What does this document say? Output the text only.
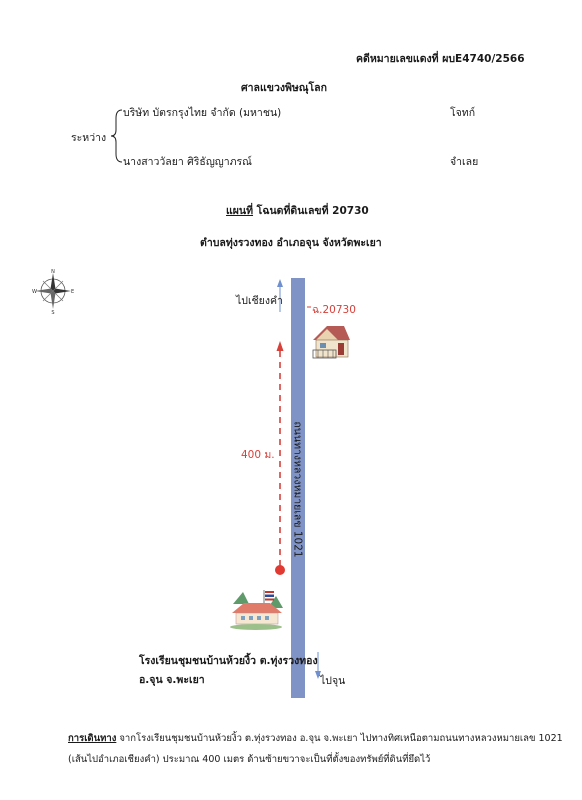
คดีหมายเลขแดงที่ ผบE4740/2566
ศาลแขวงพิษณุโลก
ระหว่าง
บริษัท บัตรกรุงไทย จำกัด (มหาชน)	โจทก์
นางสาววัลยา ศิริธัญญาภรณ์	จำเลย
แผนที่ โฉนดที่ดินเลขที่ 20730
ตำบลทุ่งรวงทอง อำเภอจุน จังหวัดพะเยา
N
S
W	E
ถนนทางหลวงหมายเลข 1021
ไปเชียงคำ
ฉ.20730
400 ม.
โรงเรียนชุมชนบ้านห้วยงิ้ว ต.ทุ่งรวงทอง
อ.จุน จ.พะเยา	ไปจุน
การเดินทาง จากโรงเรียนชุมชนบ้านห้วยงิ้ว ต.ทุ่งรวงทอง อ.จุน จ.พะเยา ไปทางทิศเหนือตามถนนทางหลวงหมายเลข 1021
(เส้นไปอำเภอเชียงคำ) ประมาณ 400 เมตร ด้านซ้ายขวาจะเป็นที่ตั้งของทรัพย์ที่ดินที่ยึดไว้
